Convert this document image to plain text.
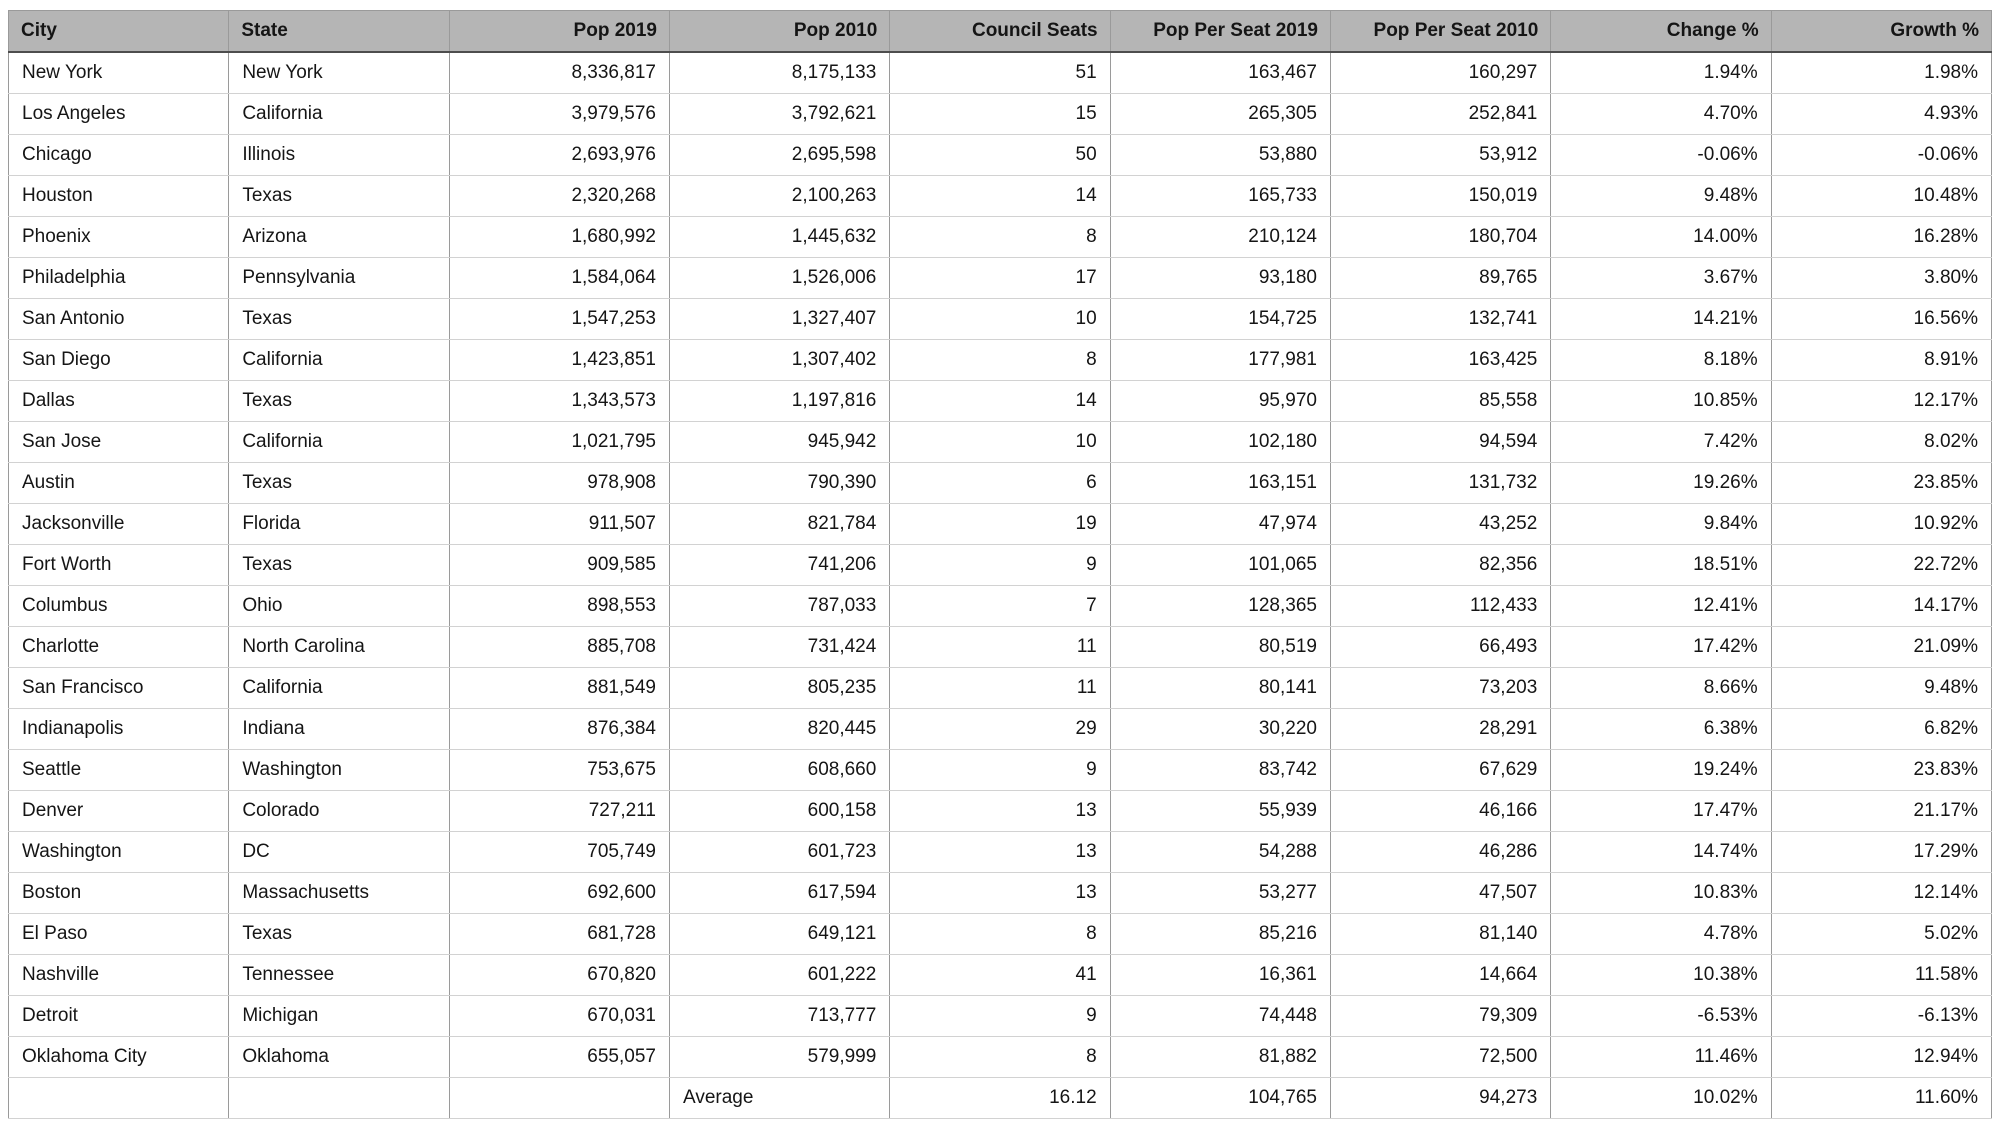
City	State	Pop 2019	Pop 2010	Council Seats	Pop Per Seat 2019	Pop Per Seat 2010	Change %	Growth %
New York	New York	8,336,817	8,175,133	51	163,467	160,297	1.94%	1.98%
Los Angeles	California	3,979,576	3,792,621	15	265,305	252,841	4.70%	4.93%
Chicago	Illinois	2,693,976	2,695,598	50	53,880	53,912	-0.06%	-0.06%
Houston	Texas	2,320,268	2,100,263	14	165,733	150,019	9.48%	10.48%
Phoenix	Arizona	1,680,992	1,445,632	8	210,124	180,704	14.00%	16.28%
Philadelphia	Pennsylvania	1,584,064	1,526,006	17	93,180	89,765	3.67%	3.80%
San Antonio	Texas	1,547,253	1,327,407	10	154,725	132,741	14.21%	16.56%
San Diego	California	1,423,851	1,307,402	8	177,981	163,425	8.18%	8.91%
Dallas	Texas	1,343,573	1,197,816	14	95,970	85,558	10.85%	12.17%
San Jose	California	1,021,795	945,942	10	102,180	94,594	7.42%	8.02%
Austin	Texas	978,908	790,390	6	163,151	131,732	19.26%	23.85%
Jacksonville	Florida	911,507	821,784	19	47,974	43,252	9.84%	10.92%
Fort Worth	Texas	909,585	741,206	9	101,065	82,356	18.51%	22.72%
Columbus	Ohio	898,553	787,033	7	128,365	112,433	12.41%	14.17%
Charlotte	North Carolina	885,708	731,424	11	80,519	66,493	17.42%	21.09%
San Francisco	California	881,549	805,235	11	80,141	73,203	8.66%	9.48%
Indianapolis	Indiana	876,384	820,445	29	30,220	28,291	6.38%	6.82%
Seattle	Washington	753,675	608,660	9	83,742	67,629	19.24%	23.83%
Denver	Colorado	727,211	600,158	13	55,939	46,166	17.47%	21.17%
Washington	DC	705,749	601,723	13	54,288	46,286	14.74%	17.29%
Boston	Massachusetts	692,600	617,594	13	53,277	47,507	10.83%	12.14%
El Paso	Texas	681,728	649,121	8	85,216	81,140	4.78%	5.02%
Nashville	Tennessee	670,820	601,222	41	16,361	14,664	10.38%	11.58%
Detroit	Michigan	670,031	713,777	9	74,448	79,309	-6.53%	-6.13%
Oklahoma City	Oklahoma	655,057	579,999	8	81,882	72,500	11.46%	12.94%
			Average	16.12	104,765	94,273	10.02%	11.60%
